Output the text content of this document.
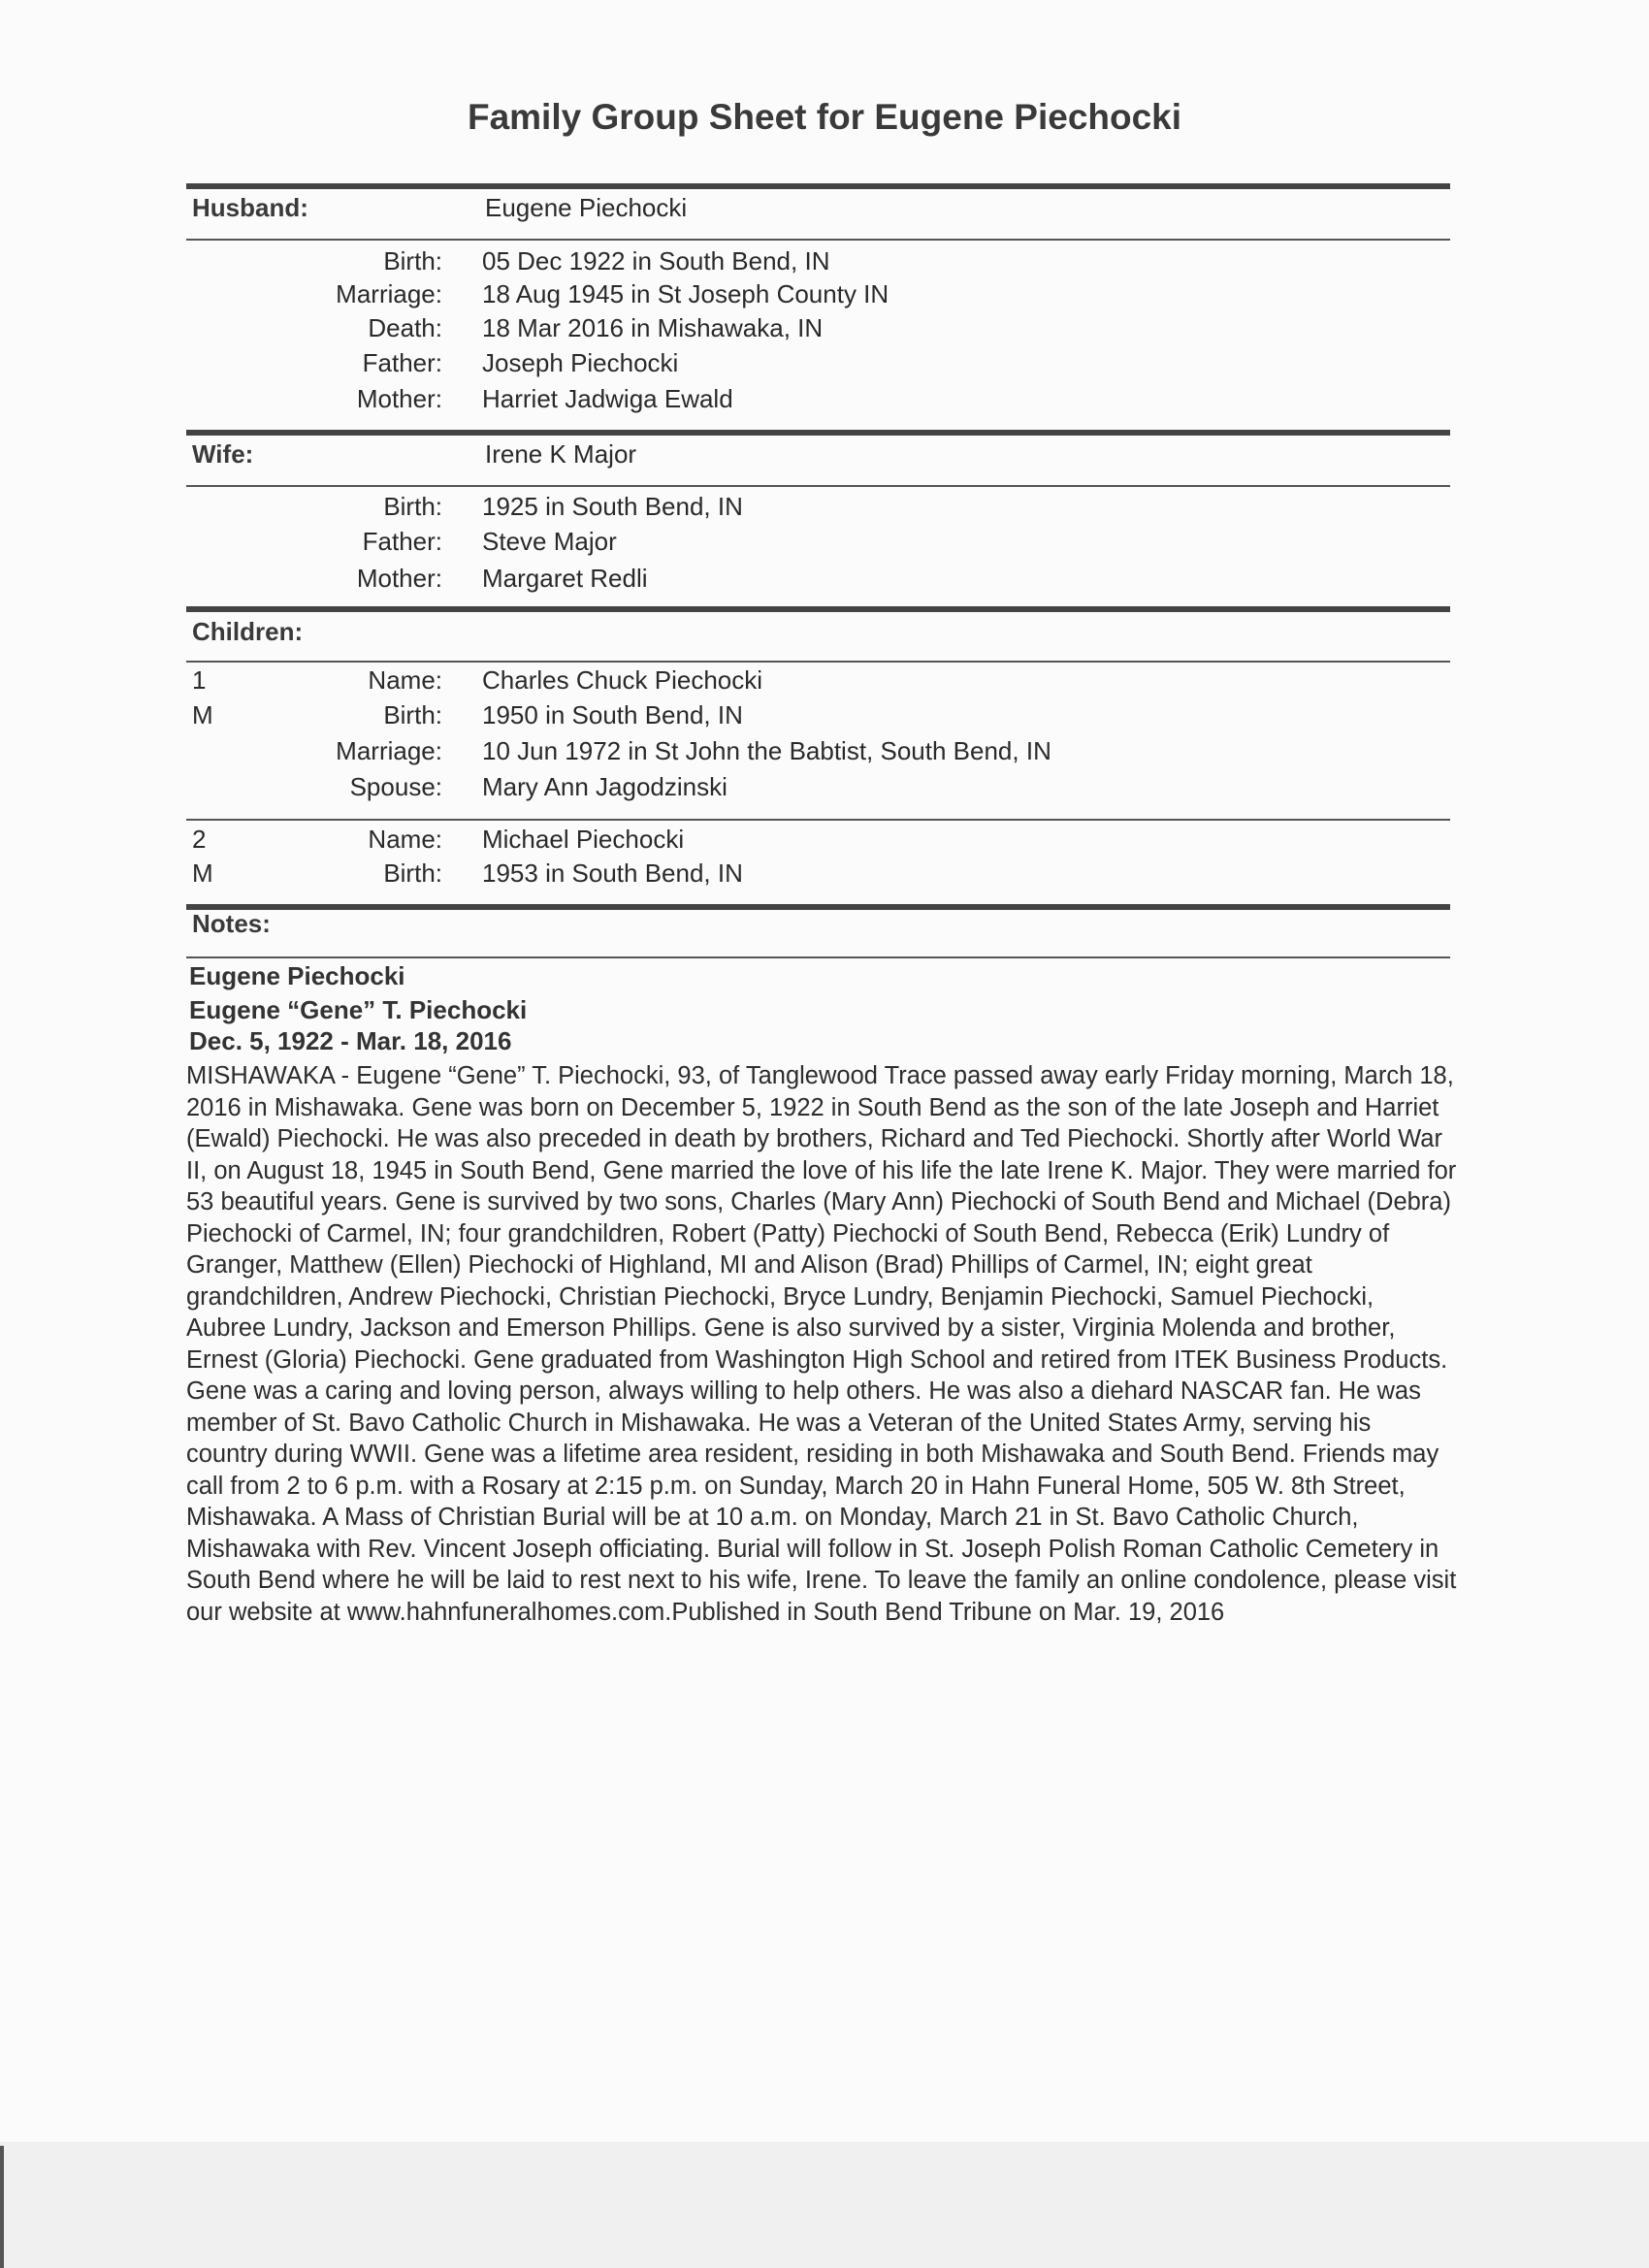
Family Group Sheet for Eugene Piechocki
Husband:	Eugene Piechocki
Birth: 05 Dec 1922 in South Bend, IN
Marriage: 18 Aug 1945 in St Joseph County IN
Death: 18 Mar 2016 in Mishawaka, IN
Father: Joseph Piechocki
Mother: Harriet Jadwiga Ewald
Wife:	Irene K Major
Birth: 1925 in South Bend, IN
Father: Steve Major
Mother: Margaret Redli
Children:
1	Name: Charles Chuck Piechocki
M	Birth: 1950 in South Bend, IN
Marriage: 10 Jun 1972 in St John the Babtist, South Bend, IN
Spouse: Mary Ann Jagodzinski
2	Name: Michael Piechocki
M	Birth: 1953 in South Bend, IN
Notes:
Eugene Piechocki
Eugene “Gene” T. Piechocki
Dec. 5, 1922 - Mar. 18, 2016
MISHAWAKA - Eugene “Gene” T. Piechocki, 93, of Tanglewood Trace passed away early Friday morning, March 18, 2016 in Mishawaka. Gene was born on December 5, 1922 in South Bend as the son of the late Joseph and Harriet (Ewald) Piechocki. He was also preceded in death by brothers, Richard and Ted Piechocki. Shortly after World War II, on August 18, 1945 in South Bend, Gene married the love of his life the late Irene K. Major. They were married for 53 beautiful years. Gene is survived by two sons, Charles (Mary Ann) Piechocki of South Bend and Michael (Debra) Piechocki of Carmel, IN; four grandchildren, Robert (Patty) Piechocki of South Bend, Rebecca (Erik) Lundry of Granger, Matthew (Ellen) Piechocki of Highland, MI and Alison (Brad) Phillips of Carmel, IN; eight great grandchildren, Andrew Piechocki, Christian Piechocki, Bryce Lundry, Benjamin Piechocki, Samuel Piechocki, Aubree Lundry, Jackson and Emerson Phillips. Gene is also survived by a sister, Virginia Molenda and brother, Ernest (Gloria) Piechocki. Gene graduated from Washington High School and retired from ITEK Business Products. Gene was a caring and loving person, always willing to help others. He was also a diehard NASCAR fan. He was member of St. Bavo Catholic Church in Mishawaka. He was a Veteran of the United States Army, serving his country during WWII. Gene was a lifetime area resident, residing in both Mishawaka and South Bend. Friends may call from 2 to 6 p.m. with a Rosary at 2:15 p.m. on Sunday, March 20 in Hahn Funeral Home, 505 W. 8th Street, Mishawaka. A Mass of Christian Burial will be at 10 a.m. on Monday, March 21 in St. Bavo Catholic Church, Mishawaka with Rev. Vincent Joseph officiating. Burial will follow in St. Joseph Polish Roman Catholic Cemetery in South Bend where he will be laid to rest next to his wife, Irene. To leave the family an online condolence, please visit our website at www.hahnfuneralhomes.com.Published in South Bend Tribune on Mar. 19, 2016
